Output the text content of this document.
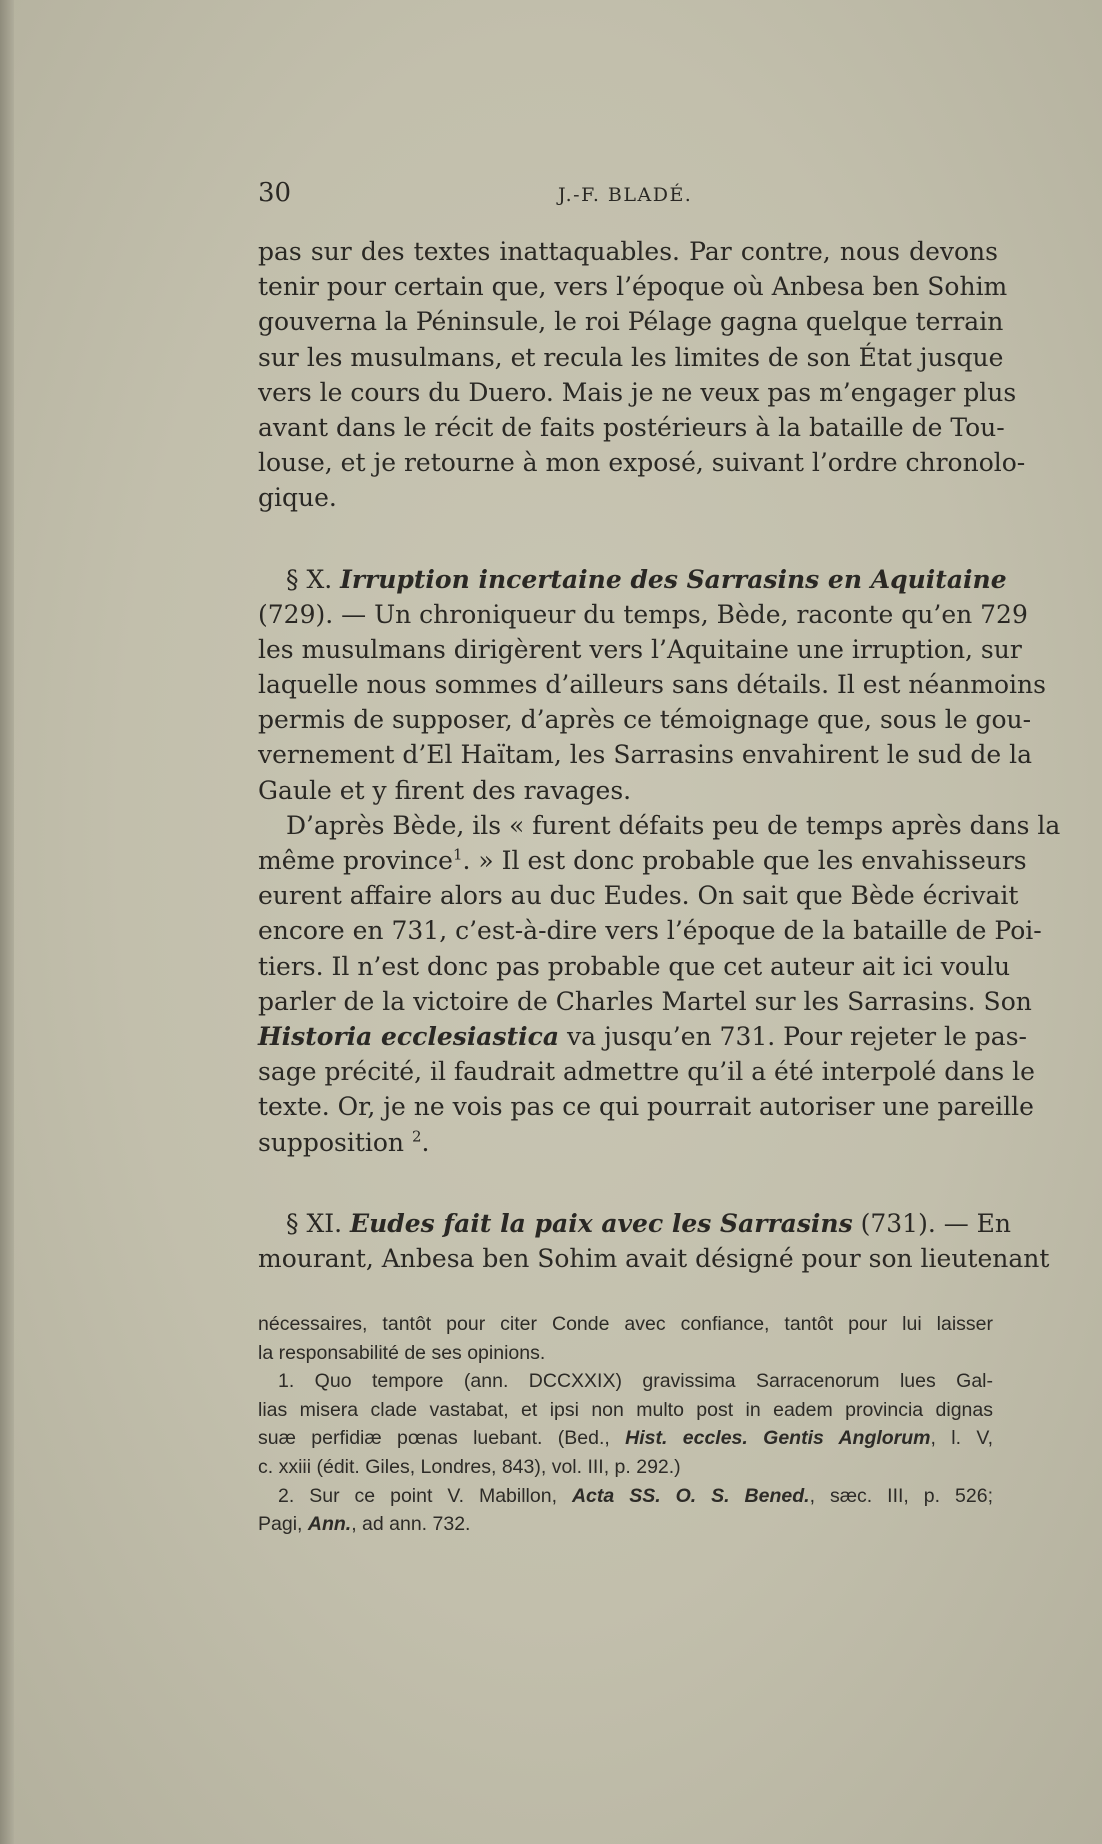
30	J.-F. BLADÉ.
pas sur des textes inattaquables. Par contre, nous devons
tenir pour certain que, vers l’époque où Anbesa ben Sohim
gouverna la Péninsule, le roi Pélage gagna quelque terrain
sur les musulmans, et recula les limites de son État jusque
vers le cours du Duero. Mais je ne veux pas m’engager plus
avant dans le récit de faits postérieurs à la bataille de Tou-
louse, et je retourne à mon exposé, suivant l’ordre chronolo-
gique.
§ X. Irruption incertaine des Sarrasins en Aquitaine
(729). — Un chroniqueur du temps, Bède, raconte qu’en 729
les musulmans dirigèrent vers l’Aquitaine une irruption, sur
laquelle nous sommes d’ailleurs sans détails. Il est néanmoins
permis de supposer, d’après ce témoignage que, sous le gou-
vernement d’El Haïtam, les Sarrasins envahirent le sud de la
Gaule et y firent des ravages.
D’après Bède, ils « furent défaits peu de temps après dans la
même province$^1$. » Il est donc probable que les envahisseurs
eurent affaire alors au duc Eudes. On sait que Bède écrivait
encore en 731, c’est-à-dire vers l’époque de la bataille de Poi-
tiers. Il n’est donc pas probable que cet auteur ait ici voulu
parler de la victoire de Charles Martel sur les Sarrasins. Son
Historia ecclesiastica va jusqu’en 731. Pour rejeter le pas-
sage précité, il faudrait admettre qu’il a été interpolé dans le
texte. Or, je ne vois pas ce qui pourrait autoriser une pareille
supposition $^2$.
§ XI. Eudes fait la paix avec les Sarrasins (731). — En
mourant, Anbesa ben Sohim avait désigné pour son lieutenant
nécessaires, tantôt pour citer Conde avec confiance, tantôt pour lui laisser
la responsabilité de ses opinions.
1. Quo tempore (ann. DCCXXIX) gravissima Sarracenorum lues Gal-
lias misera clade vastabat, et ipsi non multo post in eadem provincia dignas
suæ perfidiæ pœnas luebant. (Bed., Hist. eccles. Gentis Anglorum, l. V,
c. xxiii (édit. Giles, Londres, 843), vol. III, p. 292.)
2. Sur ce point V. Mabillon, Acta SS. O. S. Bened., sæc. III, p. 526;
Pagi, Ann., ad ann. 732.
